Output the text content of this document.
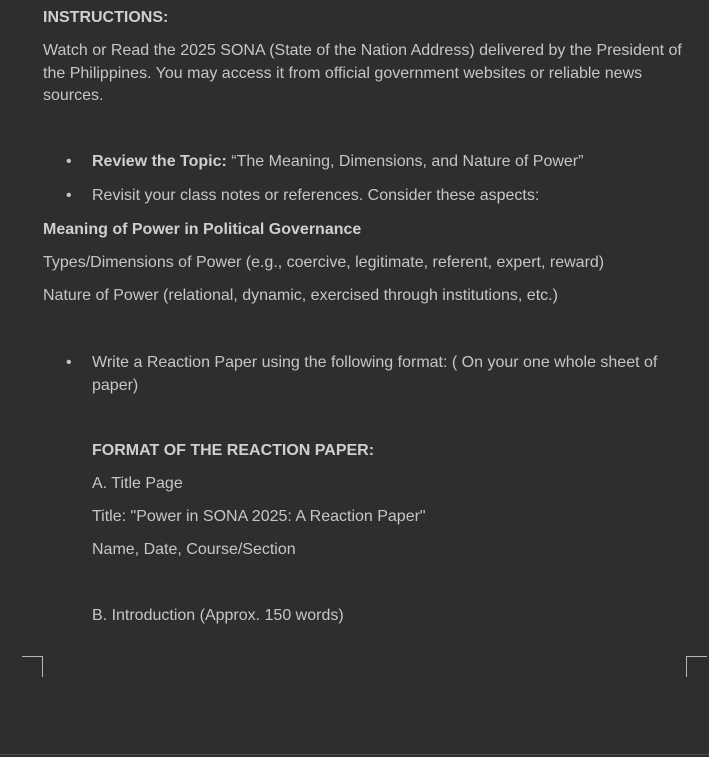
INSTRUCTIONS:
Watch or Read the 2025 SONA (State of the Nation Address) delivered by the President of the Philippines. You may access it from official government websites or reliable news sources.
•	Review the Topic: “The Meaning, Dimensions, and Nature of Power”
•	Revisit your class notes or references. Consider these aspects:
Meaning of Power in Political Governance
Types/Dimensions of Power (e.g., coercive, legitimate, referent, expert, reward)
Nature of Power (relational, dynamic, exercised through institutions, etc.)
•	Write a Reaction Paper using the following format: ( On your one whole sheet of paper)
FORMAT OF THE REACTION PAPER:
A. Title Page
Title: "Power in SONA 2025: A Reaction Paper"
Name, Date, Course/Section
B. Introduction (Approx. 150 words)
